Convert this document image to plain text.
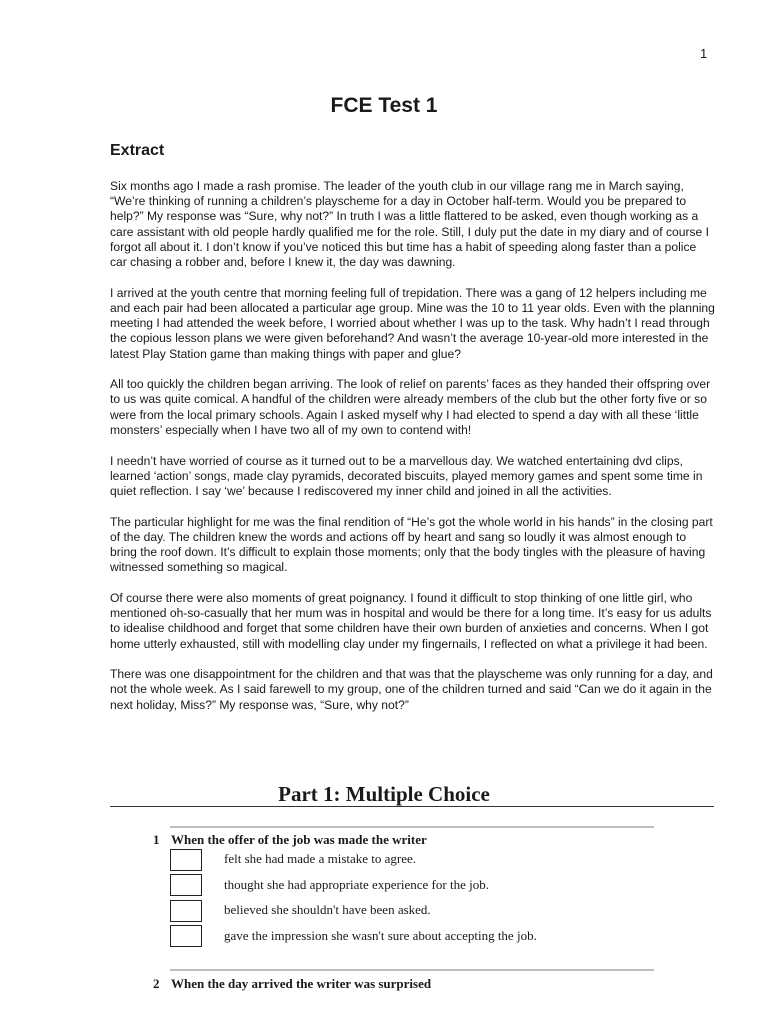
1
FCE Test 1
Extract

Six months ago I made a rash promise. The leader of the youth club in our village rang me in March saying, “We’re thinking of running a children’s playscheme for a day in October half-term. Would you be prepared to help?” My response was “Sure, why not?” In truth I was a little flattered to be asked, even though working as a care assistant with old people hardly qualified me for the role. Still, I duly put the date in my diary and of course I forgot all about it. I don’t know if you’ve noticed this but time has a habit of speeding along faster than a police car chasing a robber and, before I knew it, the day was dawning.

I arrived at the youth centre that morning feeling full of trepidation. There was a gang of 12 helpers including me and each pair had been allocated a particular age group. Mine was the 10 to 11 year olds. Even with the planning meeting I had attended the week before, I worried about whether I was up to the task. Why hadn’t I read through the copious lesson plans we were given beforehand? And wasn’t the average 10-year-old more interested in the latest Play Station game than making things with paper and glue?

All too quickly the children began arriving. The look of relief on parents’ faces as they handed their offspring over to us was quite comical. A handful of the children were already members of the club but the other forty five or so were from the local primary schools. Again I asked myself why I had elected to spend a day with all these ‘little monsters’ especially when I have two all of my own to contend with!

I needn’t have worried of course as it turned out to be a marvellous day. We watched entertaining dvd clips, learned ‘action’ songs, made clay pyramids, decorated biscuits, played memory games and spent some time in quiet reflection. I say ‘we’ because I rediscovered my inner child and joined in all the activities.

The particular highlight for me was the final rendition of “He’s got the whole world in his hands” in the closing part of the day. The children knew the words and actions off by heart and sang so loudly it was almost enough to bring the roof down. It’s difficult to explain those moments; only that the body tingles with the pleasure of having witnessed something so magical.

Of course there were also moments of great poignancy. I found it difficult to stop thinking of one little girl, who mentioned oh-so-casually that her mum was in hospital and would be there for a long time. It’s easy for us adults to idealise childhood and forget that some children have their own burden of anxieties and concerns. When I got home utterly exhausted, still with modelling clay under my fingernails, I reflected on what a privilege it had been.

There was one disappointment for the children and that was that the playscheme was only running for a day, and not the whole week. As I said farewell to my group, one of the children turned and said “Can we do it again in the next holiday, Miss?” My response was, “Sure, why not?”

Part 1: Multiple Choice
1 When the offer of the job was made the writer
felt she had made a mistake to agree.
thought she had appropriate experience for the job.
believed she shouldn't have been asked.
gave the impression she wasn't sure about accepting the job.
2 When the day arrived the writer was surprised
